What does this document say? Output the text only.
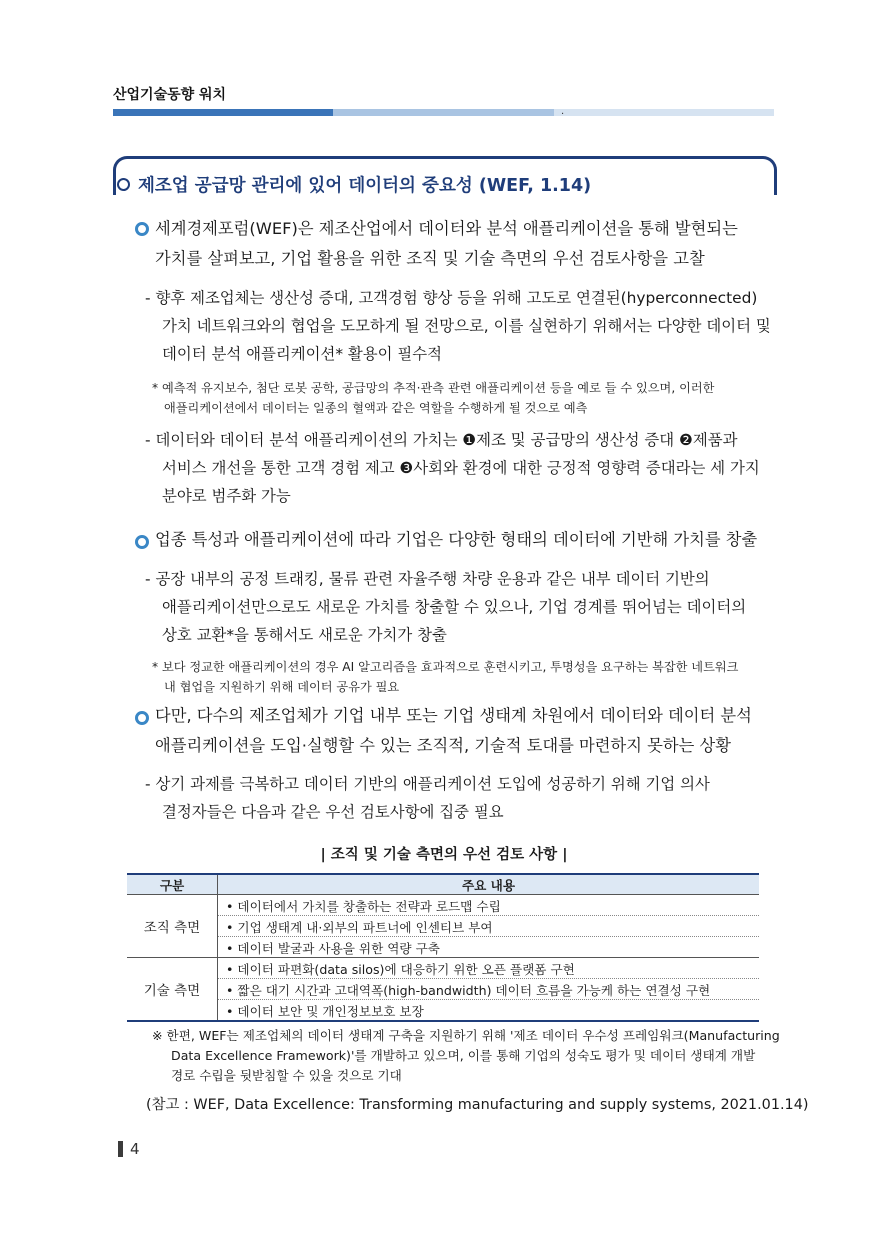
산업기술동향 워치
.
제조업 공급망 관리에 있어 데이터의 중요성 (WEF, 1.14)
세계경제포럼(WEF)은 제조산업에서 데이터와 분석 애플리케이션을 통해 발현되는
가치를 살펴보고, 기업 활용을 위한 조직 및 기술 측면의 우선 검토사항을 고찰
- 향후 제조업체는 생산성 증대, 고객경험 향상 등을 위해 고도로 연결된(hyperconnected)
가치 네트워크와의 협업을 도모하게 될 전망으로, 이를 실현하기 위해서는 다양한 데이터 및
데이터 분석 애플리케이션* 활용이 필수적
* 예측적 유지보수, 첨단 로봇 공학, 공급망의 추적·관측 관련 애플리케이션 등을 예로 들 수 있으며, 이러한
애플리케이션에서 데이터는 일종의 혈액과 같은 역할을 수행하게 될 것으로 예측
- 데이터와 데이터 분석 애플리케이션의 가치는 ❶제조 및 공급망의 생산성 증대 ❷제품과
서비스 개선을 통한 고객 경험 제고 ❸사회와 환경에 대한 긍정적 영향력 증대라는 세 가지
분야로 범주화 가능
업종 특성과 애플리케이션에 따라 기업은 다양한 형태의 데이터에 기반해 가치를 창출
- 공장 내부의 공정 트래킹, 물류 관련 자율주행 차량 운용과 같은 내부 데이터 기반의
애플리케이션만으로도 새로운 가치를 창출할 수 있으나, 기업 경계를 뛰어넘는 데이터의
상호 교환*을 통해서도 새로운 가치가 창출
* 보다 정교한 애플리케이션의 경우 AI 알고리즘을 효과적으로 훈련시키고, 투명성을 요구하는 복잡한 네트워크
내 협업을 지원하기 위해 데이터 공유가 필요
다만, 다수의 제조업체가 기업 내부 또는 기업 생태계 차원에서 데이터와 데이터 분석
애플리케이션을 도입·실행할 수 있는 조직적, 기술적 토대를 마련하지 못하는 상황
- 상기 과제를 극복하고 데이터 기반의 애플리케이션 도입에 성공하기 위해 기업 의사
결정자들은 다음과 같은 우선 검토사항에 집중 필요
| 조직 및 기술 측면의 우선 검토 사항 |
구분	주요 내용
조직 측면	• 데이터에서 가치를 창출하는 전략과 로드맵 수립
	• 기업 생태계 내·외부의 파트너에 인센티브 부여
	• 데이터 발굴과 사용을 위한 역량 구축
기술 측면	• 데이터 파편화(data silos)에 대응하기 위한 오픈 플랫폼 구현
	• 짧은 대기 시간과 고대역폭(high-bandwidth) 데이터 흐름을 가능케 하는 연결성 구현
	• 데이터 보안 및 개인정보보호 보장
※ 한편, WEF는 제조업체의 데이터 생태계 구축을 지원하기 위해 '제조 데이터 우수성 프레임워크(Manufacturing
Data Excellence Framework)'를 개발하고 있으며, 이를 통해 기업의 성숙도 평가 및 데이터 생태계 개발
경로 수립을 뒷받침할 수 있을 것으로 기대
(참고 : WEF, Data Excellence: Transforming manufacturing and supply systems, 2021.01.14)
4
